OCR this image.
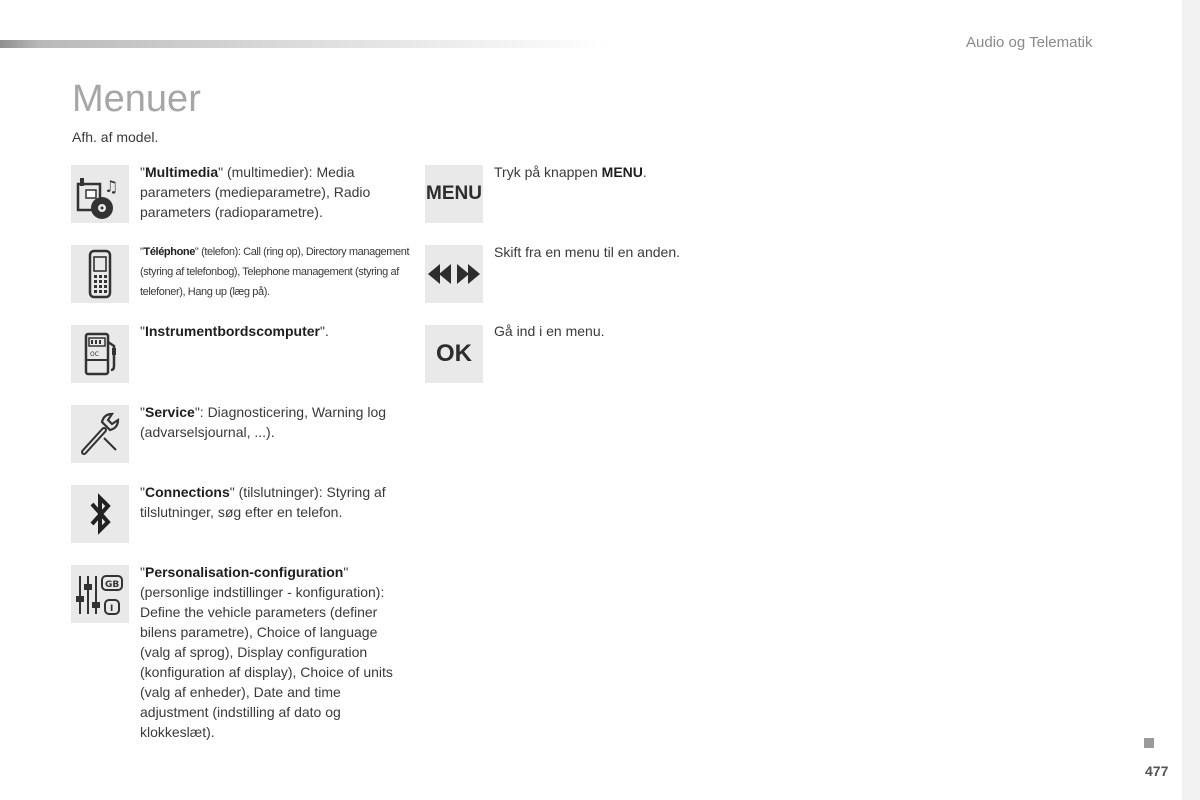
Audio og Telematik
Menuer
Afh. af model.
♫
"Multimedia" (multimedier): Media parameters (medieparametre), Radio parameters (radioparametre).
"Téléphone" (telefon): Call (ring op), Directory management (styring af telefonbog), Telephone management (styring af telefoner), Hang up (læg på).
OC
"Instrumentbordscomputer".
"Service": Diagnosticering, Warning log (advarselsjournal, ...).
"Connections" (tilslutninger): Styring af tilslutninger, søg efter en telefon.
GB
I
"Personalisation-configuration" (personlige indstillinger - konfiguration): Define the vehicle parameters (definer bilens parametre), Choice of language (valg af sprog), Display configuration (konfiguration af display), Choice of units (valg af enheder), Date and time adjustment (indstilling af dato og klokkeslæt).
MENU
Tryk på knappen MENU.
Skift fra en menu til en anden.
OK
Gå ind i en menu.
477
